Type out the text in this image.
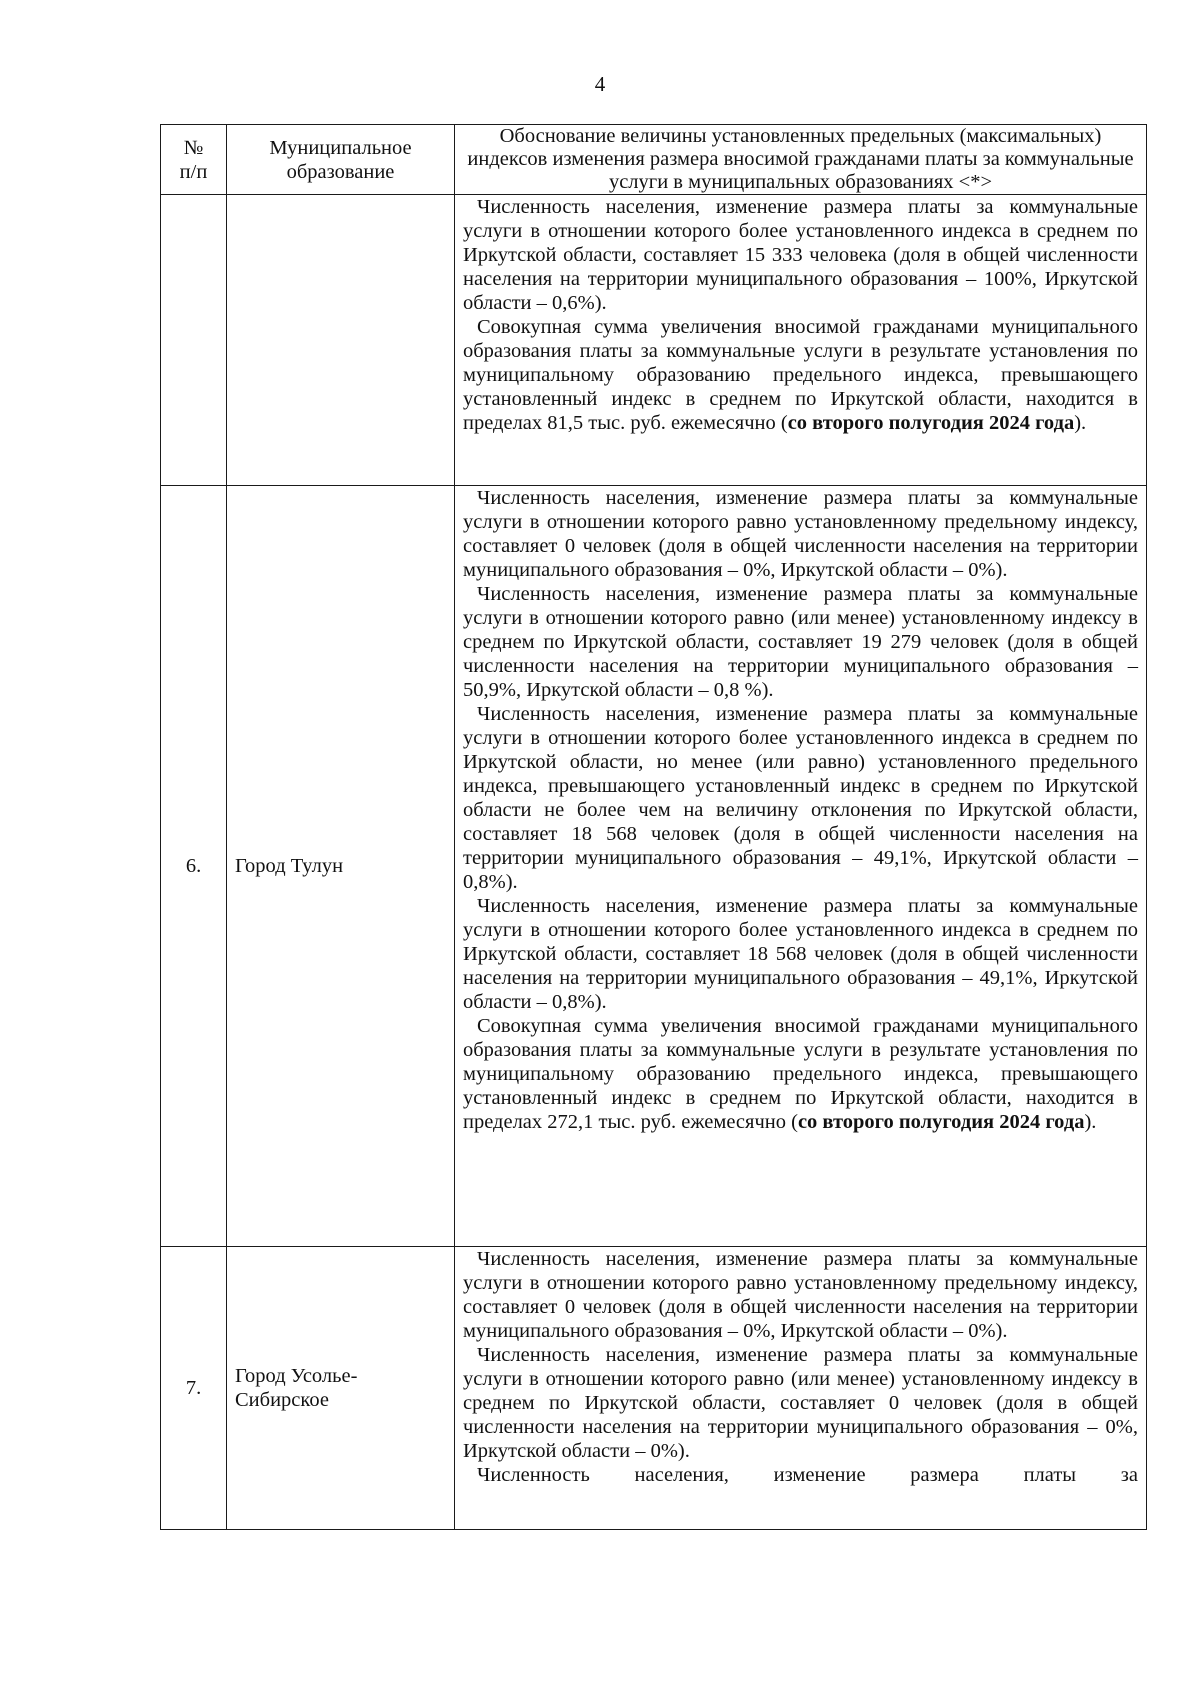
4
№
п/п	Муниципальное образование	Обоснование величины установленных предельных (максимальных) индексов изменения размера вносимой гражданами платы за коммунальные услуги в муниципальных образованиях <*>

		Численность населения, изменение размера платы за коммунальные услуги в отношении которого более установленного индекса в среднем по Иркутской области, составляет 15 333 человека (доля в общей численности населения на территории муниципального образования – 100%, Иркутской области – 0,6%).

Совокупная сумма увеличения вносимой гражданами муниципального образования платы за коммунальные услуги в результате установления по муниципальному образованию предельного индекса, превышающего установленный индекс в среднем по Иркутской области, находится в пределах 81,5 тыс. руб. ежемесячно (со второго полугодия 2024 года).

6.	Город Тулун	Численность населения, изменение размера платы за коммунальные услуги в отношении которого равно установленному предельному индексу, составляет 0 человек (доля в общей численности населения на территории муниципального образования – 0%, Иркутской области – 0%).

Численность населения, изменение размера платы за коммунальные услуги в отношении которого равно (или менее) установленному индексу в среднем по Иркутской области, составляет 19 279 человек (доля в общей численности населения на территории муниципального образования – 50,9%, Иркутской области – 0,8 %).

Численность населения, изменение размера платы за коммунальные услуги в отношении которого более установленного индекса в среднем по Иркутской области, но менее (или равно) установленного предельного индекса, превышающего установленный индекс в среднем по Иркутской области не более чем на величину отклонения по Иркутской области, составляет 18 568 человек (доля в общей численности населения на территории муниципального образования – 49,1%, Иркутской области – 0,8%).

Численность населения, изменение размера платы за коммунальные услуги в отношении которого более установленного индекса в среднем по Иркутской области, составляет 18 568 человек (доля в общей численности населения на территории муниципального образования – 49,1%, Иркутской области – 0,8%).

Совокупная сумма увеличения вносимой гражданами муниципального образования платы за коммунальные услуги в результате установления по муниципальному образованию предельного индекса, превышающего установленный индекс в среднем по Иркутской области, находится в пределах 272,1 тыс. руб. ежемесячно (со второго полугодия 2024 года).

7.	Город Усолье-Сибирское	Численность населения, изменение размера платы за коммунальные услуги в отношении которого равно установленному предельному индексу, составляет 0 человек (доля в общей численности населения на территории муниципального образования – 0%, Иркутской области – 0%).

Численность населения, изменение размера платы за коммунальные услуги в отношении которого равно (или менее) установленному индексу в среднем по Иркутской области, составляет 0 человек (доля в общей численности населения на территории муниципального образования – 0%, Иркутской области – 0%).

Численность населения, изменение размера платы за
